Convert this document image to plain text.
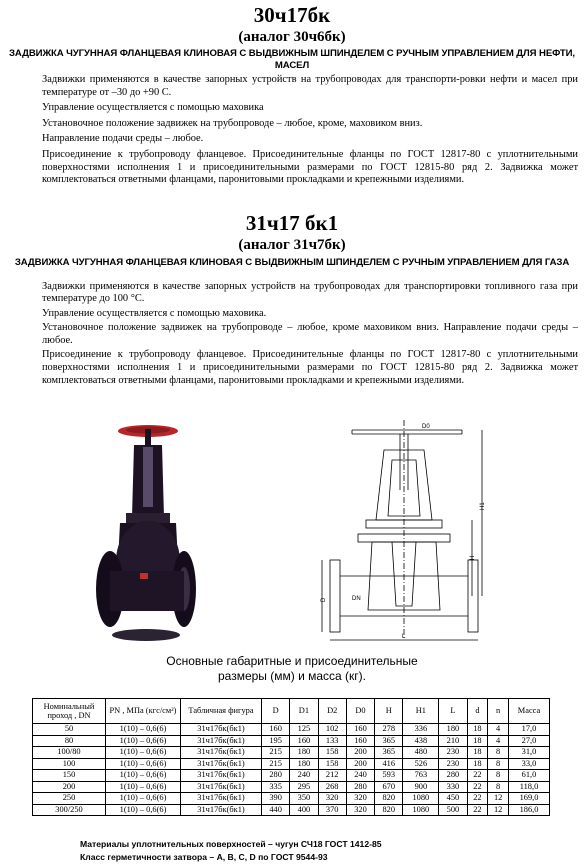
30ч17бк
(аналог 30ч6бк)
ЗАДВИЖКА ЧУГУННАЯ ФЛАНЦЕВАЯ КЛИНОВАЯ С ВЫДВИЖНЫМ ШПИНДЕЛЕМ С РУЧНЫМ УПРАВЛЕНИЕМ ДЛЯ НЕФТИ, МАСЕЛ
Задвижки применяются в качестве запорных устройств на трубопроводах для транспорти-ровки нефти и масел при температуре от –30 до +90 С.
Управление осуществляется с помощью маховика
Установочное положение задвижек на трубопроводе – любое, кроме, маховиком вниз.
Направление подачи среды – любое.
Присоединение к трубопроводу фланцевое. Присоединительные фланцы по ГОСТ 12817-80 с уплотнительными поверхностями исполнения 1 и присоединительными размерами по ГОСТ 12815-80 ряд 2. Задвижка может комплектоваться ответными фланцами, паронитовыми прокладками и крепежными изделиями.
31ч17 бк1
(аналог 31ч7бк)
ЗАДВИЖКА ЧУГУННАЯ ФЛАНЦЕВАЯ КЛИНОВАЯ С ВЫДВИЖНЫМ ШПИНДЕЛЕМ С РУЧНЫМ УПРАВЛЕНИЕМ ДЛЯ ГАЗА
Задвижки применяются в качестве запорных устройств на трубопроводах для транспортировки топливного газа при температуре до 100 °С.
Управление осуществляется с помощью маховика.
Установочное положение задвижек на трубопроводе – любое, кроме маховиком вниз. Направление подачи среды – любое.
Присоединение к трубопроводу фланцевое. Присоединительные фланцы по ГОСТ 12817-80 с уплотнительными поверхностями исполнения 1 и присоединительными размерами по ГОСТ 12815-80 ряд 2. Задвижка может комплектоваться ответными фланцами, паронитовыми прокладками и крепежными изделиями.
H1
H
L
D	DN
D0
Основные габаритные и присоединительные
размеры (мм) и масса (кг).
Номинальный проход , DN	PN , МПа (кгс/см²)	Табличная фигура	D	D1	D2	D0	H	H1	L	d	n	Масса
50	1(10) – 0,6(6)	31ч17бк(бк1)	160	125	102	160	278	336	180	18	4	17,0
80	1(10) – 0,6(6)	31ч17бк(бк1)	195	160	133	160	365	438	210	18	4	27,0
100/80	1(10) – 0,6(6)	31ч17бк(бк1)	215	180	158	200	365	480	230	18	8	31,0
100	1(10) – 0,6(6)	31ч17бк(бк1)	215	180	158	200	416	526	230	18	8	33,0
150	1(10) – 0,6(6)	31ч17бк(бк1)	280	240	212	240	593	763	280	22	8	61,0
200	1(10) – 0,6(6)	31ч17бк(бк1)	335	295	268	280	670	900	330	22	8	118,0
250	1(10) – 0,6(6)	31ч17бк(бк1)	390	350	320	320	820	1080	450	22	12	169,0
300/250	1(10) – 0,6(6)	31ч17бк(бк1)	440	400	370	320	820	1080	500	22	12	186,0
Материалы уплотнительных поверхностей – чугун СЧ18 ГОСТ 1412-85
Класс герметичности затвора – А, В, С, D по ГОСТ 9544-93
